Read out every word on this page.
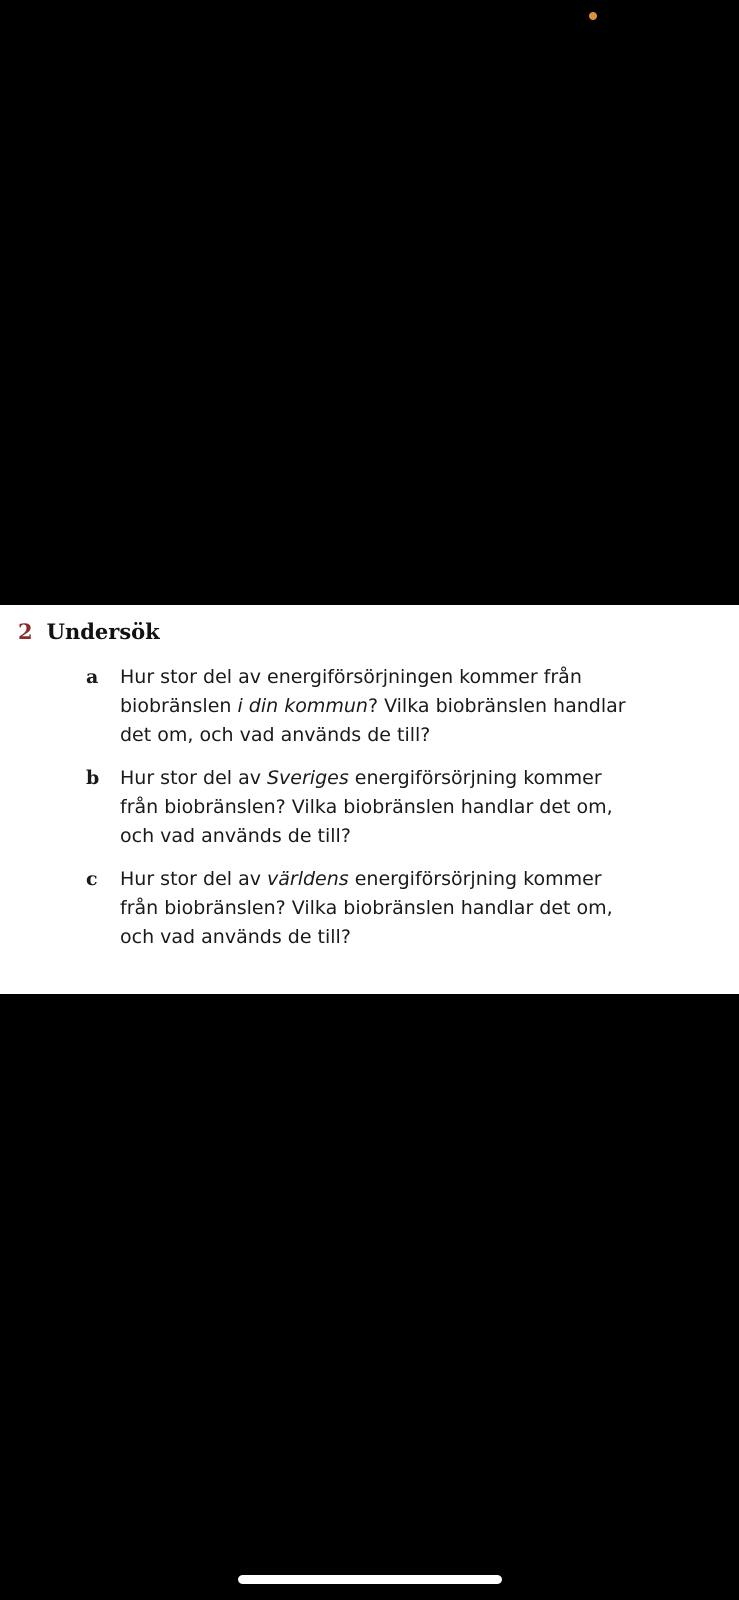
2 Undersök
a Hur stor del av energiförsörjningen kommer från
biobränslen i din kommun? Vilka biobränslen handlar
det om, och vad används de till?
b Hur stor del av Sveriges energiförsörjning kommer
från biobränslen? Vilka biobränslen handlar det om,
och vad används de till?
c Hur stor del av världens energiförsörjning kommer
från biobränslen? Vilka biobränslen handlar det om,
och vad används de till?
